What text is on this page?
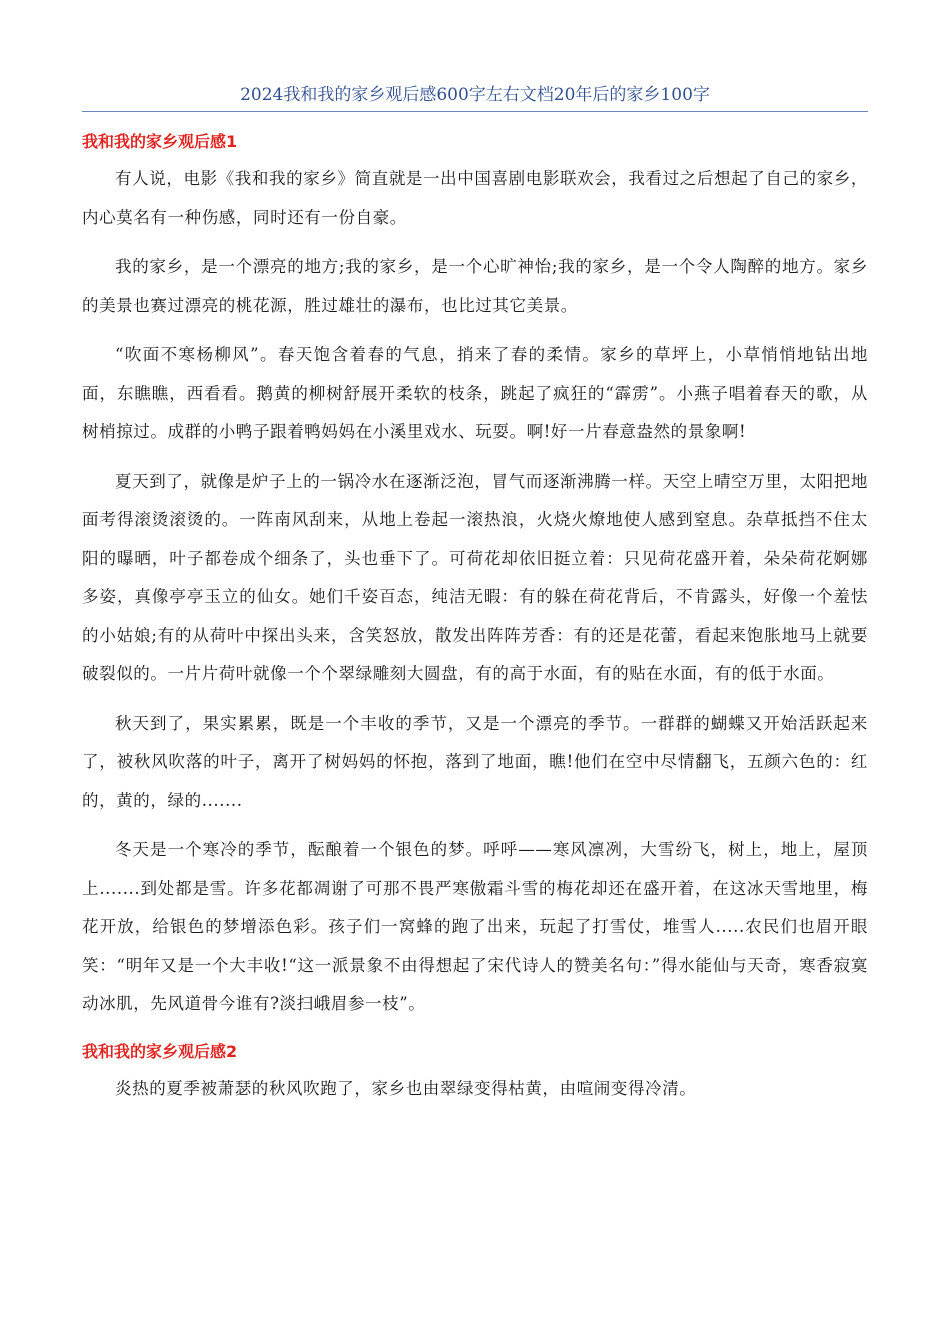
2024我和我的家乡观后感600字左右文档20年后的家乡100字
我和我的家乡观后感1

有人说，电影《我和我的家乡》简直就是一出中国喜剧电影联欢会，我看过之后想起了自己的家乡，内心莫名有一种伤感，同时还有一份自豪。

我的家乡，是一个漂亮的地方;我的家乡，是一个心旷神怡;我的家乡，是一个令人陶醉的地方。家乡的美景也赛过漂亮的桃花源，胜过雄壮的瀑布，也比过其它美景。

“吹面不寒杨柳风”。春天饱含着春的气息，捎来了春的柔情。家乡的草坪上，小草悄悄地钻出地面，东瞧瞧，西看看。鹅黄的柳树舒展开柔软的枝条，跳起了疯狂的“霹雳”。小燕子唱着春天的歌，从树梢掠过。成群的小鸭子跟着鸭妈妈在小溪里戏水、玩耍。啊!好一片春意盎然的景象啊!

夏天到了，就像是炉子上的一锅冷水在逐渐泛泡，冒气而逐渐沸腾一样。天空上晴空万里，太阳把地面考得滚烫滚烫的。一阵南风刮来，从地上卷起一滚热浪，火烧火燎地使人感到窒息。杂草抵挡不住太阳的曝晒，叶子都卷成个细条了，头也垂下了。可荷花却依旧挺立着：只见荷花盛开着，朵朵荷花婀娜多姿，真像亭亭玉立的仙女。她们千姿百态，纯洁无暇：有的躲在荷花背后，不肯露头，好像一个羞怯的小姑娘;有的从荷叶中探出头来，含笑怒放，散发出阵阵芳香：有的还是花蕾，看起来饱胀地马上就要破裂似的。一片片荷叶就像一个个翠绿雕刻大圆盘，有的高于水面，有的贴在水面，有的低于水面。

秋天到了，果实累累，既是一个丰收的季节，又是一个漂亮的季节。一群群的蝴蝶又开始活跃起来了，被秋风吹落的叶子，离开了树妈妈的怀抱，落到了地面，瞧!他们在空中尽情翻飞，五颜六色的：红的，黄的，绿的.......

冬天是一个寒冷的季节，酝酿着一个银色的梦。呼呼——寒风凛冽，大雪纷飞，树上，地上，屋顶上.......到处都是雪。许多花都凋谢了可那不畏严寒傲霜斗雪的梅花却还在盛开着，在这冰天雪地里，梅花开放，给银色的梦增添色彩。孩子们一窝蜂的跑了出来，玩起了打雪仗，堆雪人.....农民们也眉开眼笑：“明年又是一个大丰收!“这一派景象不由得想起了宋代诗人的赞美名句：”得水能仙与天奇，寒香寂寞动冰肌，先风道骨今谁有?淡扫峨眉参一枝”。

我和我的家乡观后感2

炎热的夏季被萧瑟的秋风吹跑了，家乡也由翠绿变得枯黄，由喧闹变得冷清。
